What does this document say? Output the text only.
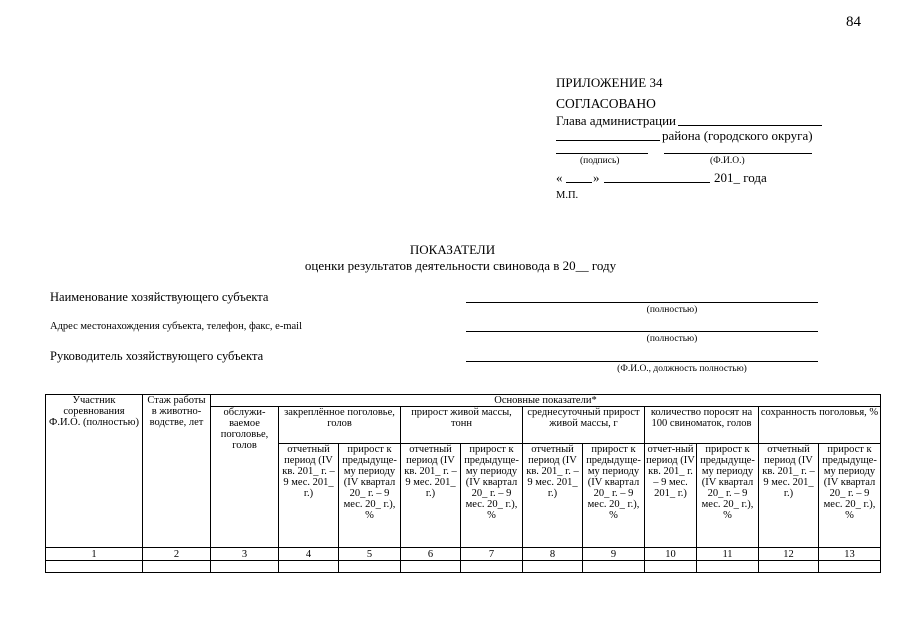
84
ПРИЛОЖЕНИЕ 34
СОГЛАСОВАНО
Глава администрации
района (городского округа)
(подпись)	(Ф.И.О.)
« »	201_ года
М.П.
ПОКАЗАТЕЛИ
оценки результатов деятельности свиновода в 20__ году
Наименование хозяйствующего субъекта
(полностью)
Адрес местонахождения субъекта, телефон, факс, e-mail
(полностью)
Руководитель хозяйствующего субъекта
(Ф.И.О., должность полностью)
Участник соревнования Ф.И.О. (полностью)	Стаж работы в животно-водстве, лет	Основные показатели*										
		обслужи-ваемое поголовье, голов	закреплённое поголовье, голов		прирост живой массы, тонн		среднесуточный прирост живой массы, г		количество поросят на 100 свиноматок, голов		сохранность поголовья, %	
			отчетный период (IV кв. 201_ г. – 9 мес. 201_ г.)	прирост к предыдуще-му периоду (IV квартал 20_ г. – 9 мес. 20_ г.), %	отчетный период (IV кв. 201_ г. – 9 мес. 201_ г.)	прирост к предыдуще-му периоду (IV квартал 20_ г. – 9 мес. 20_ г.), %	отчетный период (IV кв. 201_ г. – 9 мес. 201_ г.)	прирост к предыдуще-му периоду (IV квартал 20_ г. – 9 мес. 20_ г.), %	отчет-ный период (IV кв. 201_ г. – 9 мес. 201_ г.)	прирост к предыдуще-му периоду (IV квартал 20_ г. – 9 мес. 20_ г.), %	отчетный период (IV кв. 201_ г. – 9 мес. 201_ г.)	прирост к предыдуще-му периоду (IV квартал 20_ г. – 9 мес. 20_ г.), %
1	2	3	4	5	6	7	8	9	10	11	12	13
